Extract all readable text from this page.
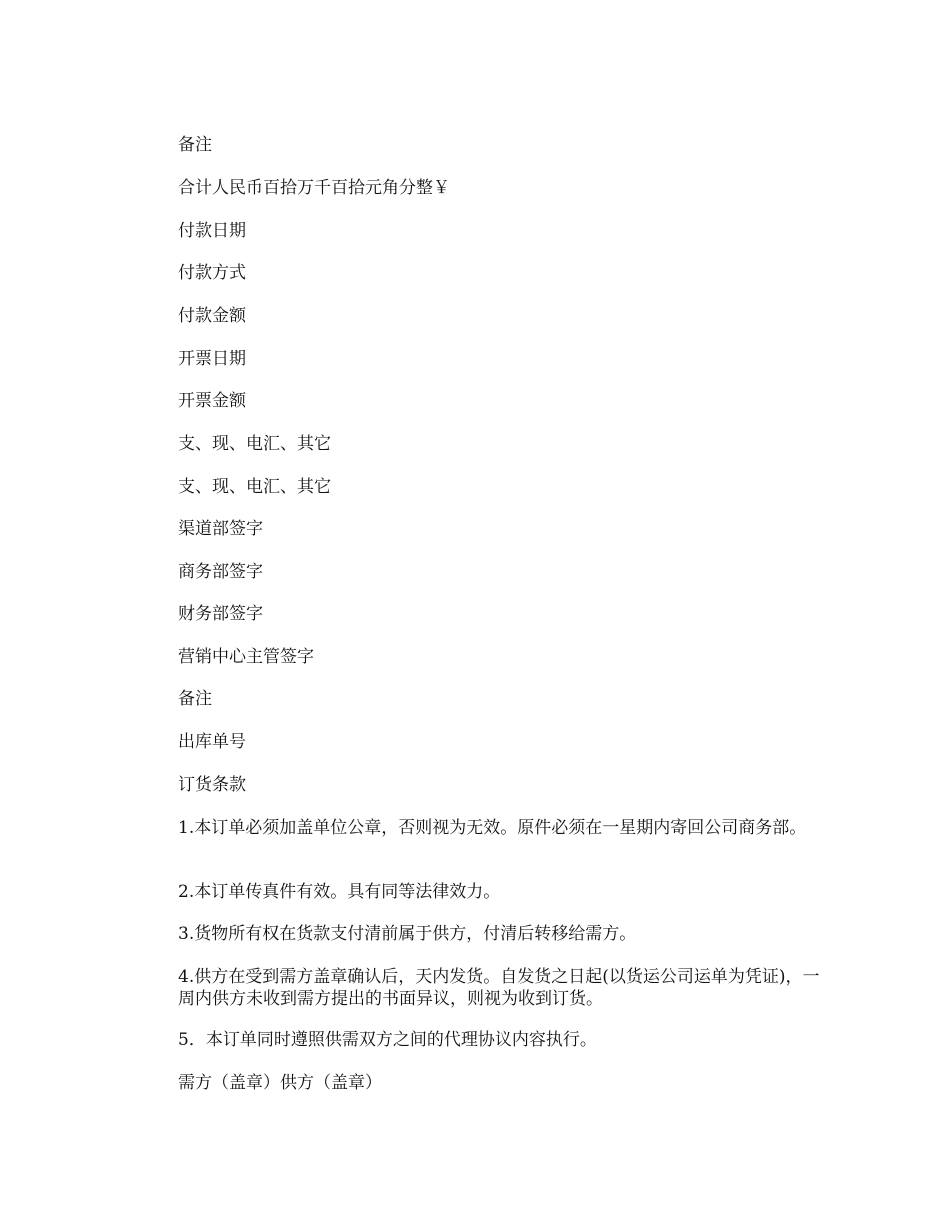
备注

合计人民币百拾万千百拾元角分整￥

付款日期

付款方式

付款金额

开票日期

开票金额

支、现、电汇、其它

支、现、电汇、其它

渠道部签字

商务部签字

财务部签字

营销中心主管签字

备注

出库单号

订货条款

1.本订单必须加盖单位公章，否则视为无效。原件必须在一星期内寄回公司商务部。

2.本订单传真件有效。具有同等法律效力。

3.货物所有权在货款支付清前属于供方，付清后转移给需方。

4.供方在受到需方盖章确认后，天内发货。自发货之日起(以货运公司运单为凭证)，一周内供方未收到需方提出的书面异议，则视为收到订货。

5．本订单同时遵照供需双方之间的代理协议内容执行。

需方（盖章）供方（盖章）
